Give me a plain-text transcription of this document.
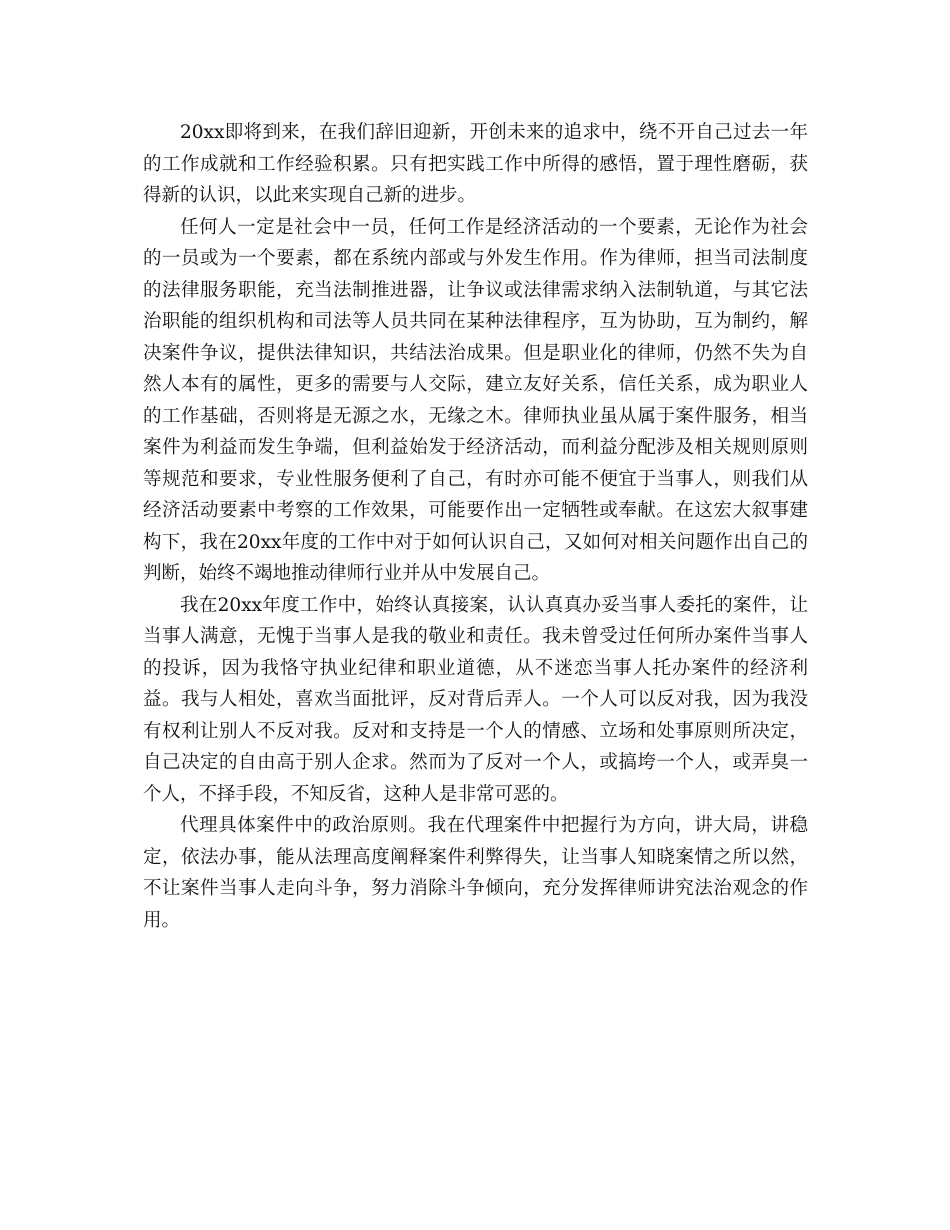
20xx即将到来，在我们辞旧迎新，开创未来的追求中，绕不开自己过去一年的工作成就和工作经验积累。只有把实践工作中所得的感悟，置于理性磨砺，获得新的认识，以此来实现自己新的进步。

任何人一定是社会中一员，任何工作是经济活动的一个要素，无论作为社会的一员或为一个要素，都在系统内部或与外发生作用。作为律师，担当司法制度的法律服务职能，充当法制推进器，让争议或法律需求纳入法制轨道，与其它法治职能的组织机构和司法等人员共同在某种法律程序，互为协助，互为制约，解决案件争议，提供法律知识，共结法治成果。但是职业化的律师，仍然不失为自然人本有的属性，更多的需要与人交际，建立友好关系，信任关系，成为职业人的工作基础，否则将是无源之水，无缘之木。律师执业虽从属于案件服务，相当案件为利益而发生争端，但利益始发于经济活动，而利益分配涉及相关规则原则等规范和要求，专业性服务便利了自己，有时亦可能不便宜于当事人，则我们从经济活动要素中考察的工作效果，可能要作出一定牺牲或奉献。在这宏大叙事建构下，我在20xx年度的工作中对于如何认识自己，又如何对相关问题作出自己的判断，始终不竭地推动律师行业并从中发展自己。

我在20xx年度工作中，始终认真接案，认认真真办妥当事人委托的案件，让当事人满意，无愧于当事人是我的敬业和责任。我未曾受过任何所办案件当事人的投诉，因为我恪守执业纪律和职业道德，从不迷恋当事人托办案件的经济利益。我与人相处，喜欢当面批评，反对背后弄人。一个人可以反对我，因为我没有权利让别人不反对我。反对和支持是一个人的情感、立场和处事原则所决定，自己决定的自由高于别人企求。然而为了反对一个人，或搞垮一个人，或弄臭一个人，不择手段，不知反省，这种人是非常可恶的。

代理具体案件中的政治原则。我在代理案件中把握行为方向，讲大局，讲稳定，依法办事，能从法理高度阐释案件利弊得失，让当事人知晓案情之所以然，不让案件当事人走向斗争，努力消除斗争倾向，充分发挥律师讲究法治观念的作用。
